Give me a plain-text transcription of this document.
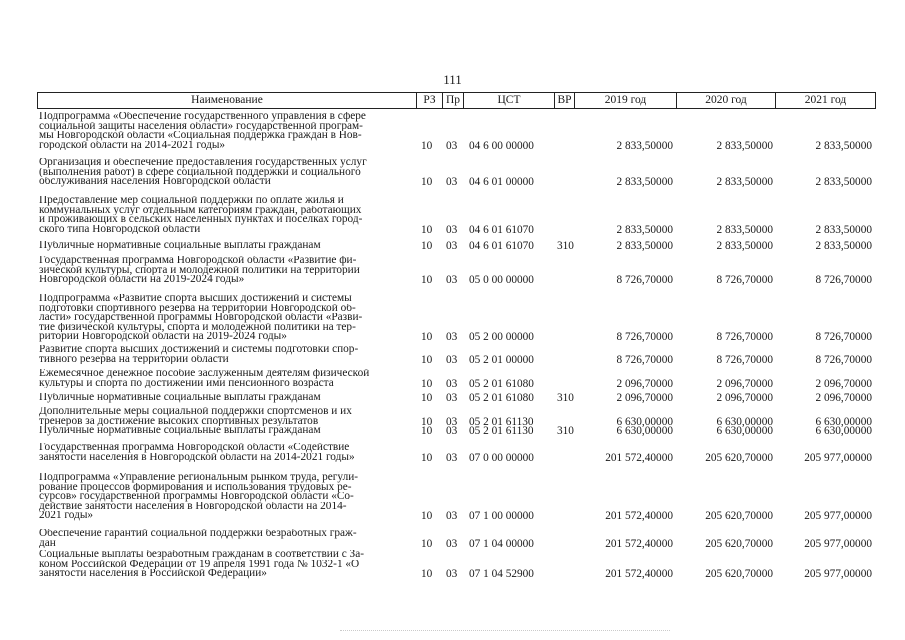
111
Наименование	РЗ Пр	ЦСТ	ВР	2019 год	2020 год	2021 год
Подпрограмма «Обеспечение государственного управления в сфере
социальной защиты населения области» государственной програм-
мы Новгородской области «Социальная поддержка граждан в Нов-
городской области на 2014-2021 годы»	10 03 04 6 00 00000	2 833,50000	2 833,50000	2 833,50000
Организация и обеспечение предоставления государственных услуг
(выполнения работ) в сфере социальной поддержки и социального
обслуживания населения Новгородской области	10 03 04 6 01 00000	2 833,50000	2 833,50000	2 833,50000
Предоставление мер социальной поддержки по оплате жилья и
коммунальных услуг отдельным категориям граждан, работающих
и проживающих в сельских населенных пунктах и поселках город-
ского типа Новгородской области	10 03 04 6 01 61070	2 833,50000	2 833,50000	2 833,50000
Публичные нормативные социальные выплаты гражданам	10 03 04 6 01 61070 310	2 833,50000	2 833,50000	2 833,50000
Государственная программа Новгородской области «Развитие фи-
зической культуры, спорта и молодежной политики на территории
Новгородской области на 2019-2024 годы»	10 03 05 0 00 00000	8 726,70000	8 726,70000	8 726,70000
Подпрограмма «Развитие спорта высших достижений и системы
подготовки спортивного резерва на территории Новгородской об-
ласти» государственной программы Новгородской области «Разви-
тие физической культуры, спорта и молодежной политики на тер-
ритории Новгородской области на 2019-2024 годы»	10 03 05 2 00 00000	8 726,70000	8 726,70000	8 726,70000
Развитие спорта высших достижений и системы подготовки спор-
тивного резерва на территории области	10 03 05 2 01 00000	8 726,70000	8 726,70000	8 726,70000
Ежемесячное денежное пособие заслуженным деятелям физической
культуры и спорта по достижении ими пенсионного возраста	10 03 05 2 01 61080	2 096,70000	2 096,70000	2 096,70000
Публичные нормативные социальные выплаты гражданам	10 03 05 2 01 61080 310	2 096,70000	2 096,70000	2 096,70000
Дополнительные меры социальной поддержки спортсменов и их
тренеров за достижение высоких спортивных результатов	10 03 05 2 01 61130	6 630,00000	6 630,00000	6 630,00000
Публичные нормативные социальные выплаты гражданам	10 03 05 2 01 61130 310	6 630,00000	6 630,00000	6 630,00000
Государственная программа Новгородской области «Содействие
занятости населения в Новгородской области на 2014-2021 годы»	10 03 07 0 00 00000	201 572,40000	205 620,70000	205 977,00000
Подпрограмма «Управление региональным рынком труда, регули-
рование процессов формирования и использования трудовых ре-
сурсов» государственной программы Новгородской области «Со-
действие занятости населения в Новгородской области на 2014-
2021 годы»	10 03 07 1 00 00000	201 572,40000	205 620,70000	205 977,00000
Обеспечение гарантий социальной поддержки безработных граж-
дан	10 03 07 1 04 00000	201 572,40000	205 620,70000	205 977,00000
Социальные выплаты безработным гражданам в соответствии с За-
коном Российской Федерации от 19 апреля 1991 года № 1032-1 «О
занятости населения в Российской Федерации»	10 03 07 1 04 52900	201 572,40000	205 620,70000	205 977,00000
